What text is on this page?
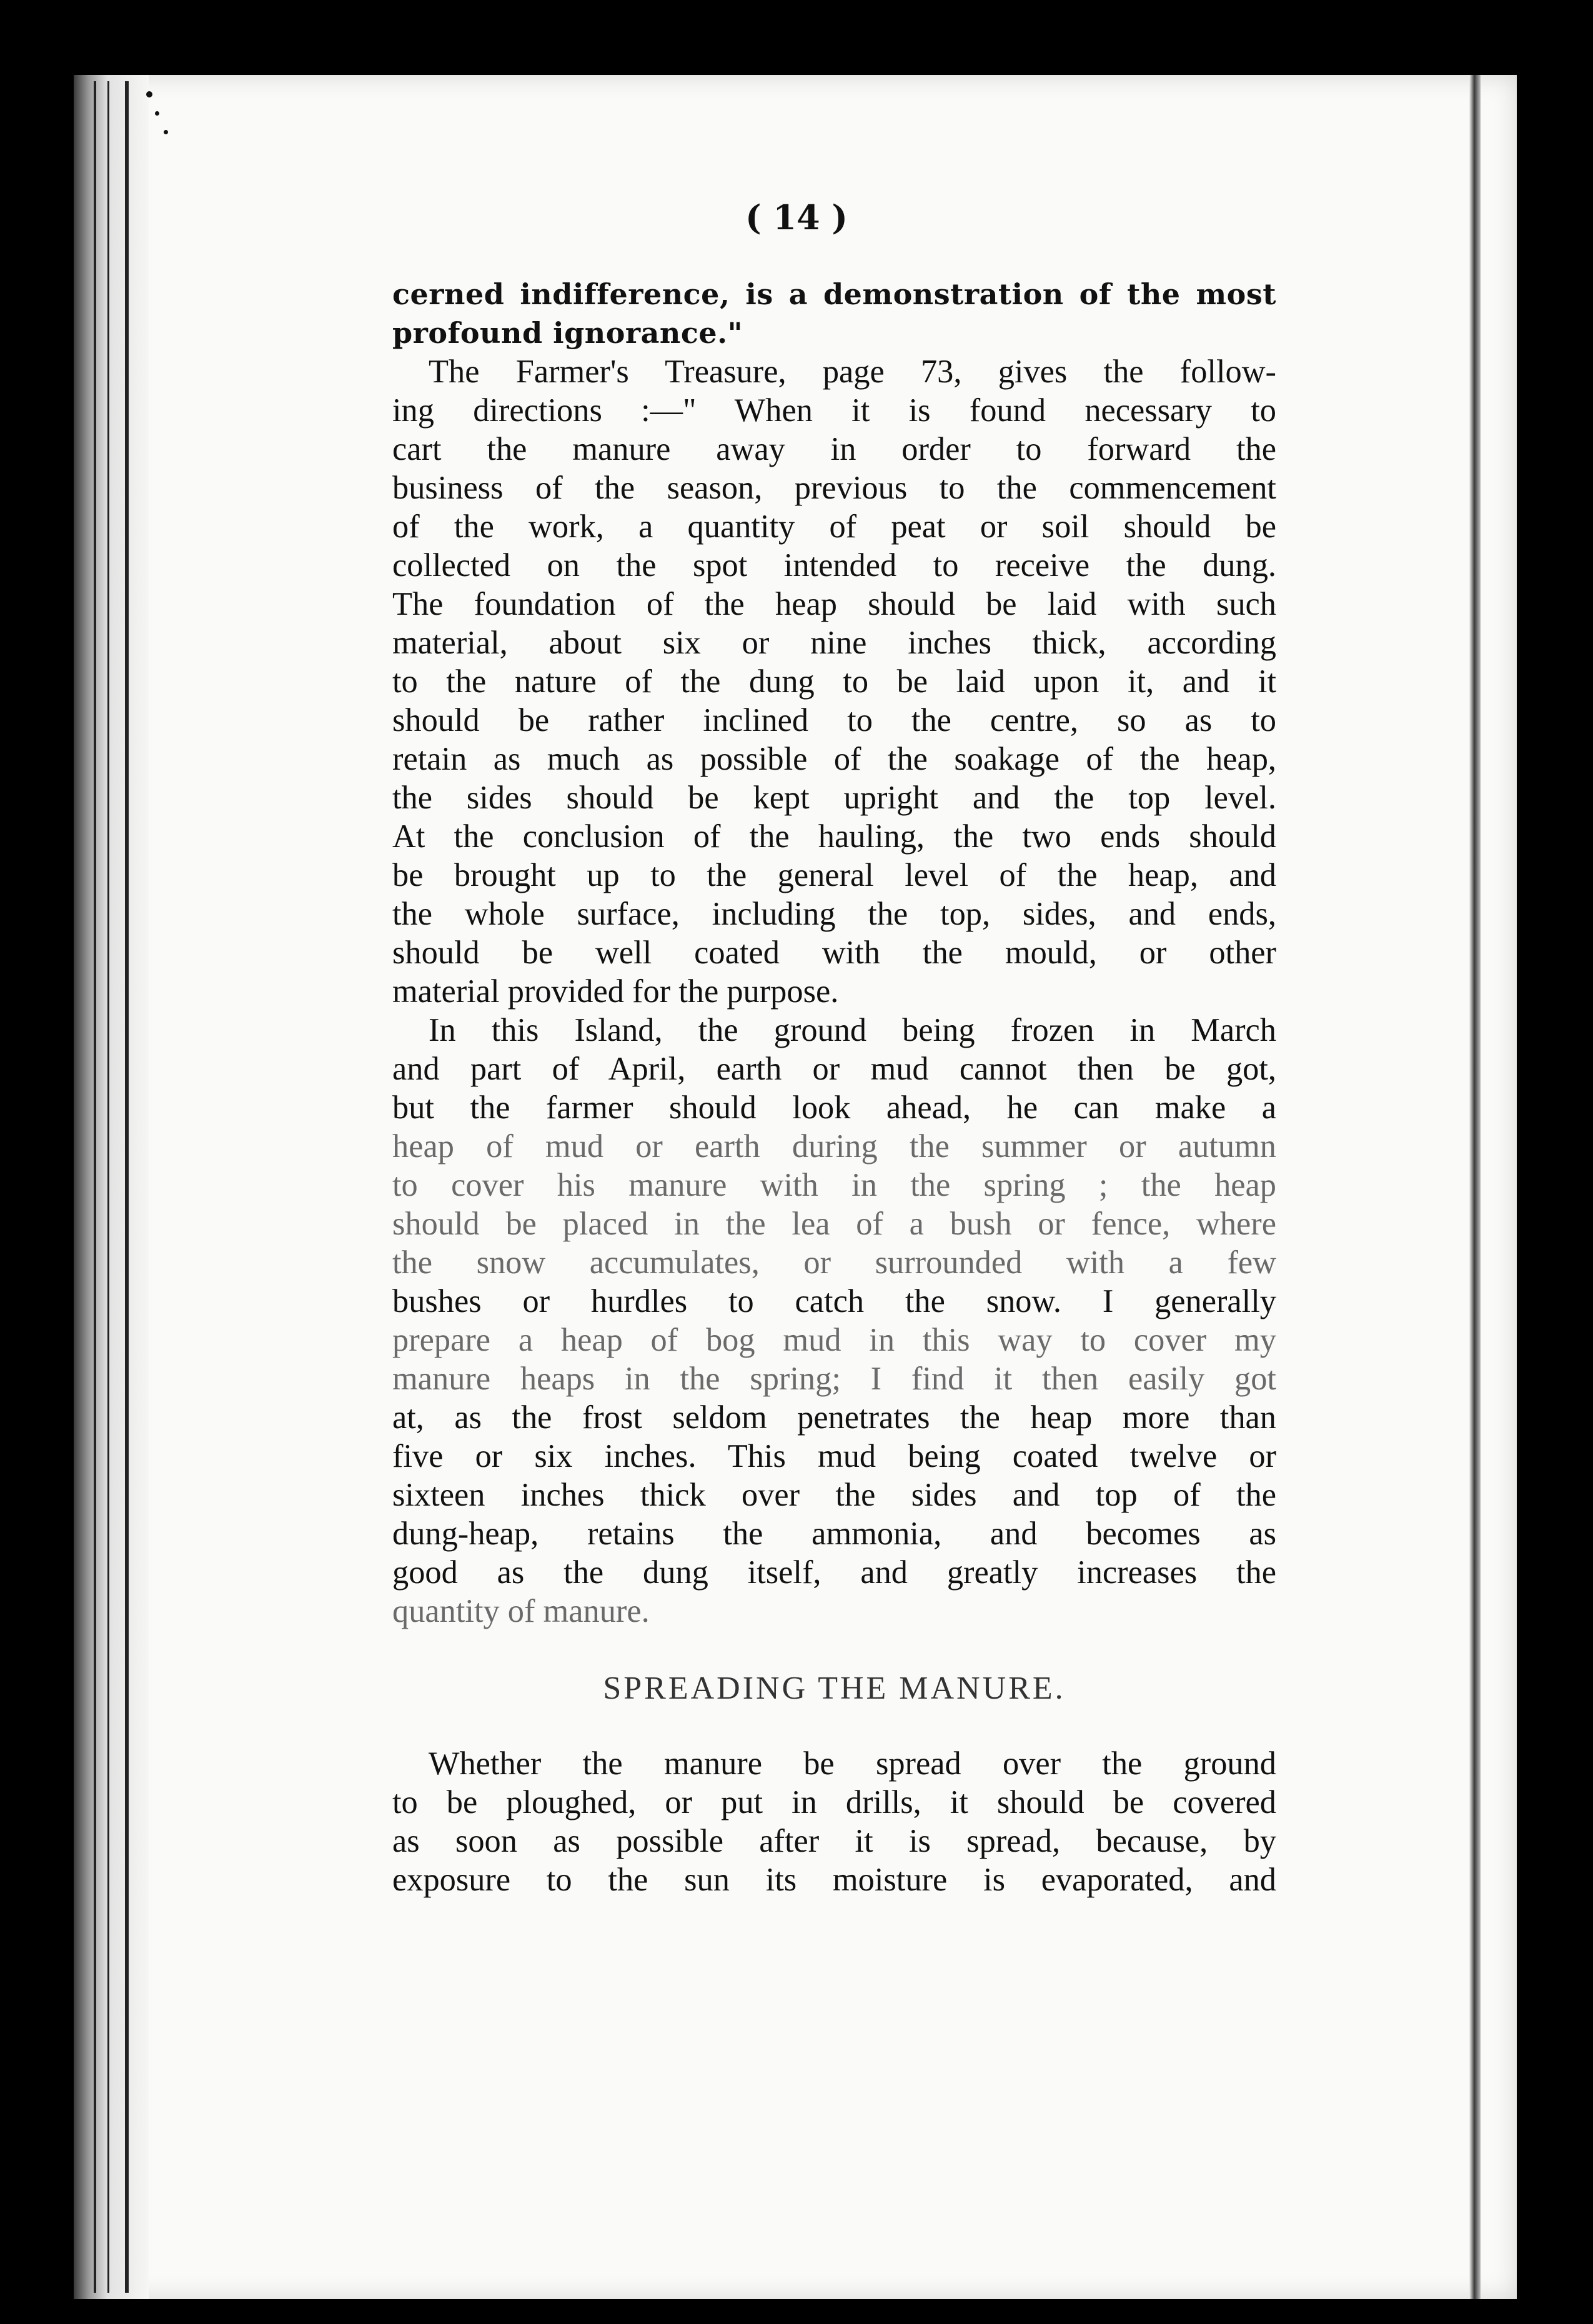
( 14 )
cerned indifference, is a demonstration of the most
profound ignorance."
The Farmer's Treasure, page 73, gives the follow-
ing directions :—" When it is found necessary to
cart the manure away in order to forward the
business of the season, previous to the commencement
of the work, a quantity of peat or soil should be
collected on the spot intended to receive the dung.
The foundation of the heap should be laid with such
material, about six or nine inches thick, according
to the nature of the dung to be laid upon it, and it
should be rather inclined to the centre, so as to
retain as much as possible of the soakage of the heap,
the sides should be kept upright and the top level.
At the conclusion of the hauling, the two ends should
be brought up to the general level of the heap, and
the whole surface, including the top, sides, and ends,
should be well coated with the mould, or other
material provided for the purpose.
In this Island, the ground being frozen in March
and part of April, earth or mud cannot then be got,
but the farmer should look ahead, he can make a
heap of mud or earth during the summer or autumn
to cover his manure with in the spring ; the heap
should be placed in the lea of a bush or fence, where
the snow accumulates, or surrounded with a few
bushes or hurdles to catch the snow. I generally
prepare a heap of bog mud in this way to cover my
manure heaps in the spring; I find it then easily got
at, as the frost seldom penetrates the heap more than
five or six inches. This mud being coated twelve or
sixteen inches thick over the sides and top of the
dung-heap, retains the ammonia, and becomes as
good as the dung itself, and greatly increases the
quantity of manure.
SPREADING THE MANURE.
Whether the manure be spread over the ground
to be ploughed, or put in drills, it should be covered
as soon as possible after it is spread, because, by
exposure to the sun its moisture is evaporated, and
